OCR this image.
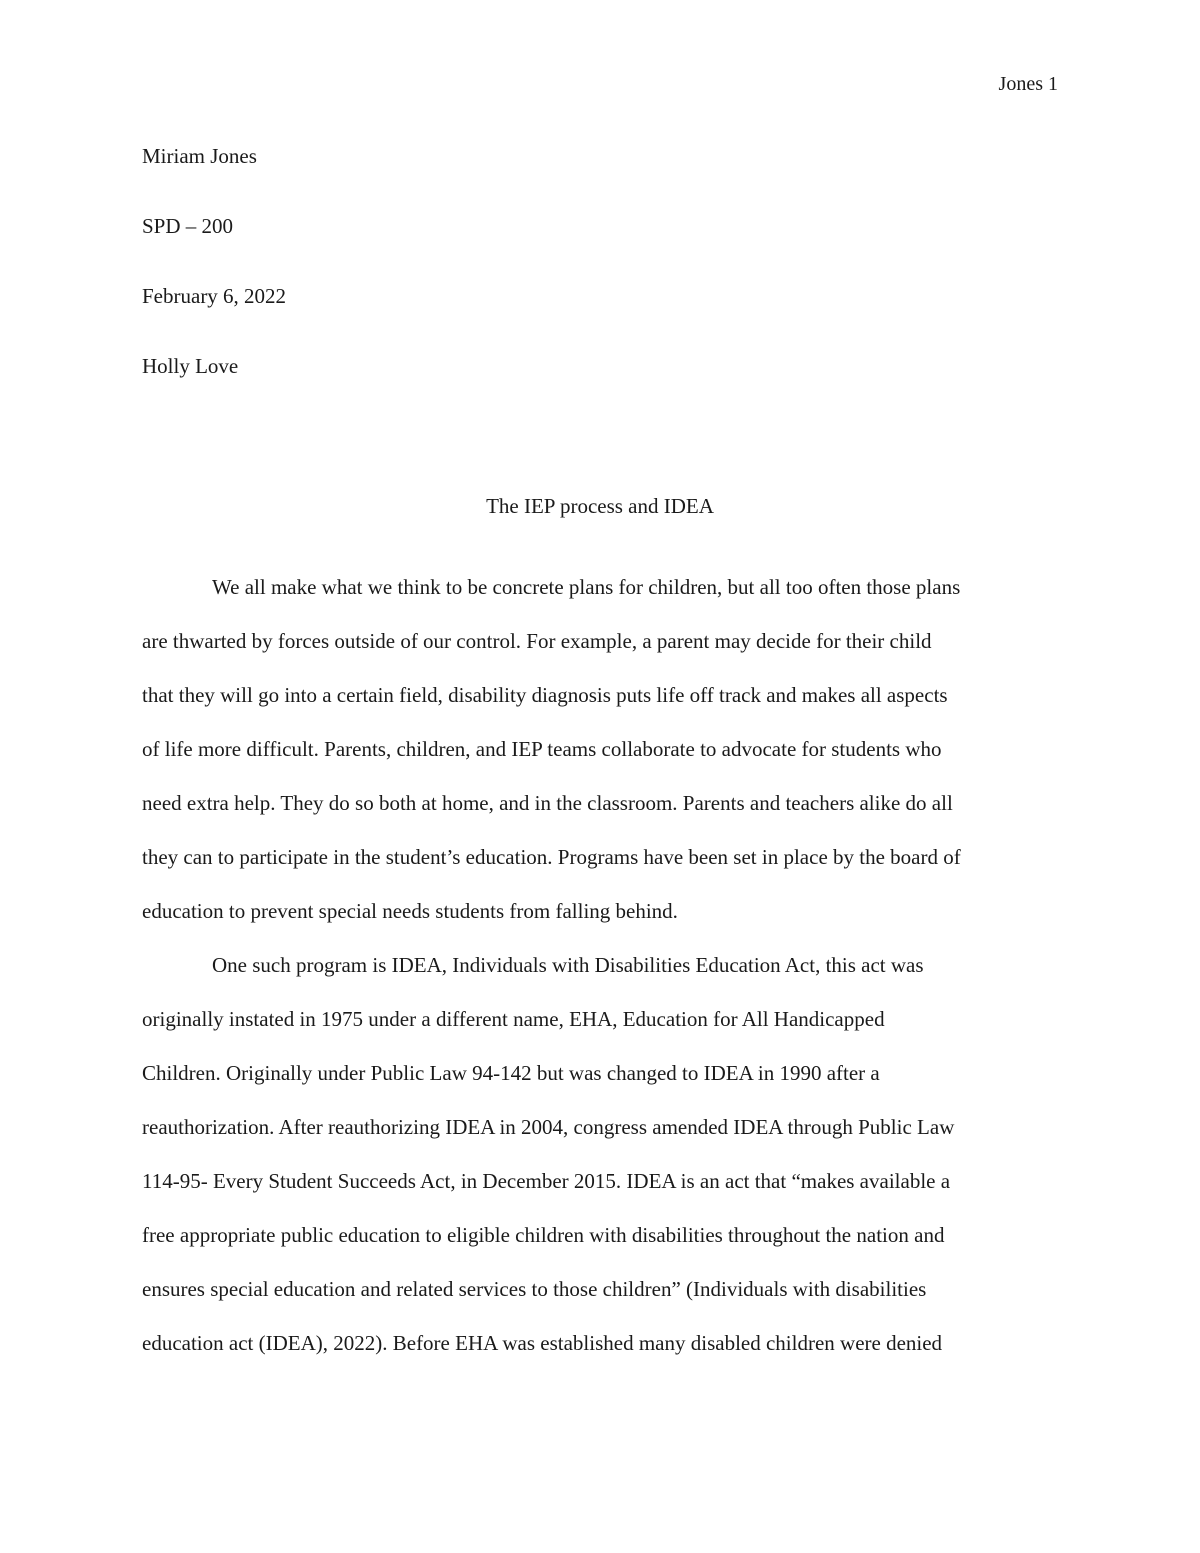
Jones 1

Miriam Jones

SPD – 200

February 6, 2022

Holly Love

The IEP process and IDEA
We all make what we think to be concrete plans for children, but all too often those plans
are thwarted by forces outside of our control. For example, a parent may decide for their child
that they will go into a certain field, disability diagnosis puts life off track and makes all aspects
of life more difficult. Parents, children, and IEP teams collaborate to advocate for students who
need extra help. They do so both at home, and in the classroom. Parents and teachers alike do all
they can to participate in the student’s education. Programs have been set in place by the board of
education to prevent special needs students from falling behind.
One such program is IDEA, Individuals with Disabilities Education Act, this act was
originally instated in 1975 under a different name, EHA, Education for All Handicapped
Children. Originally under Public Law 94-142 but was changed to IDEA in 1990 after a
reauthorization. After reauthorizing IDEA in 2004, congress amended IDEA through Public Law
114-95- Every Student Succeeds Act, in December 2015. IDEA is an act that “makes available a
free appropriate public education to eligible children with disabilities throughout the nation and
ensures special education and related services to those children” (Individuals with disabilities
education act (IDEA), 2022). Before EHA was established many disabled children were denied
